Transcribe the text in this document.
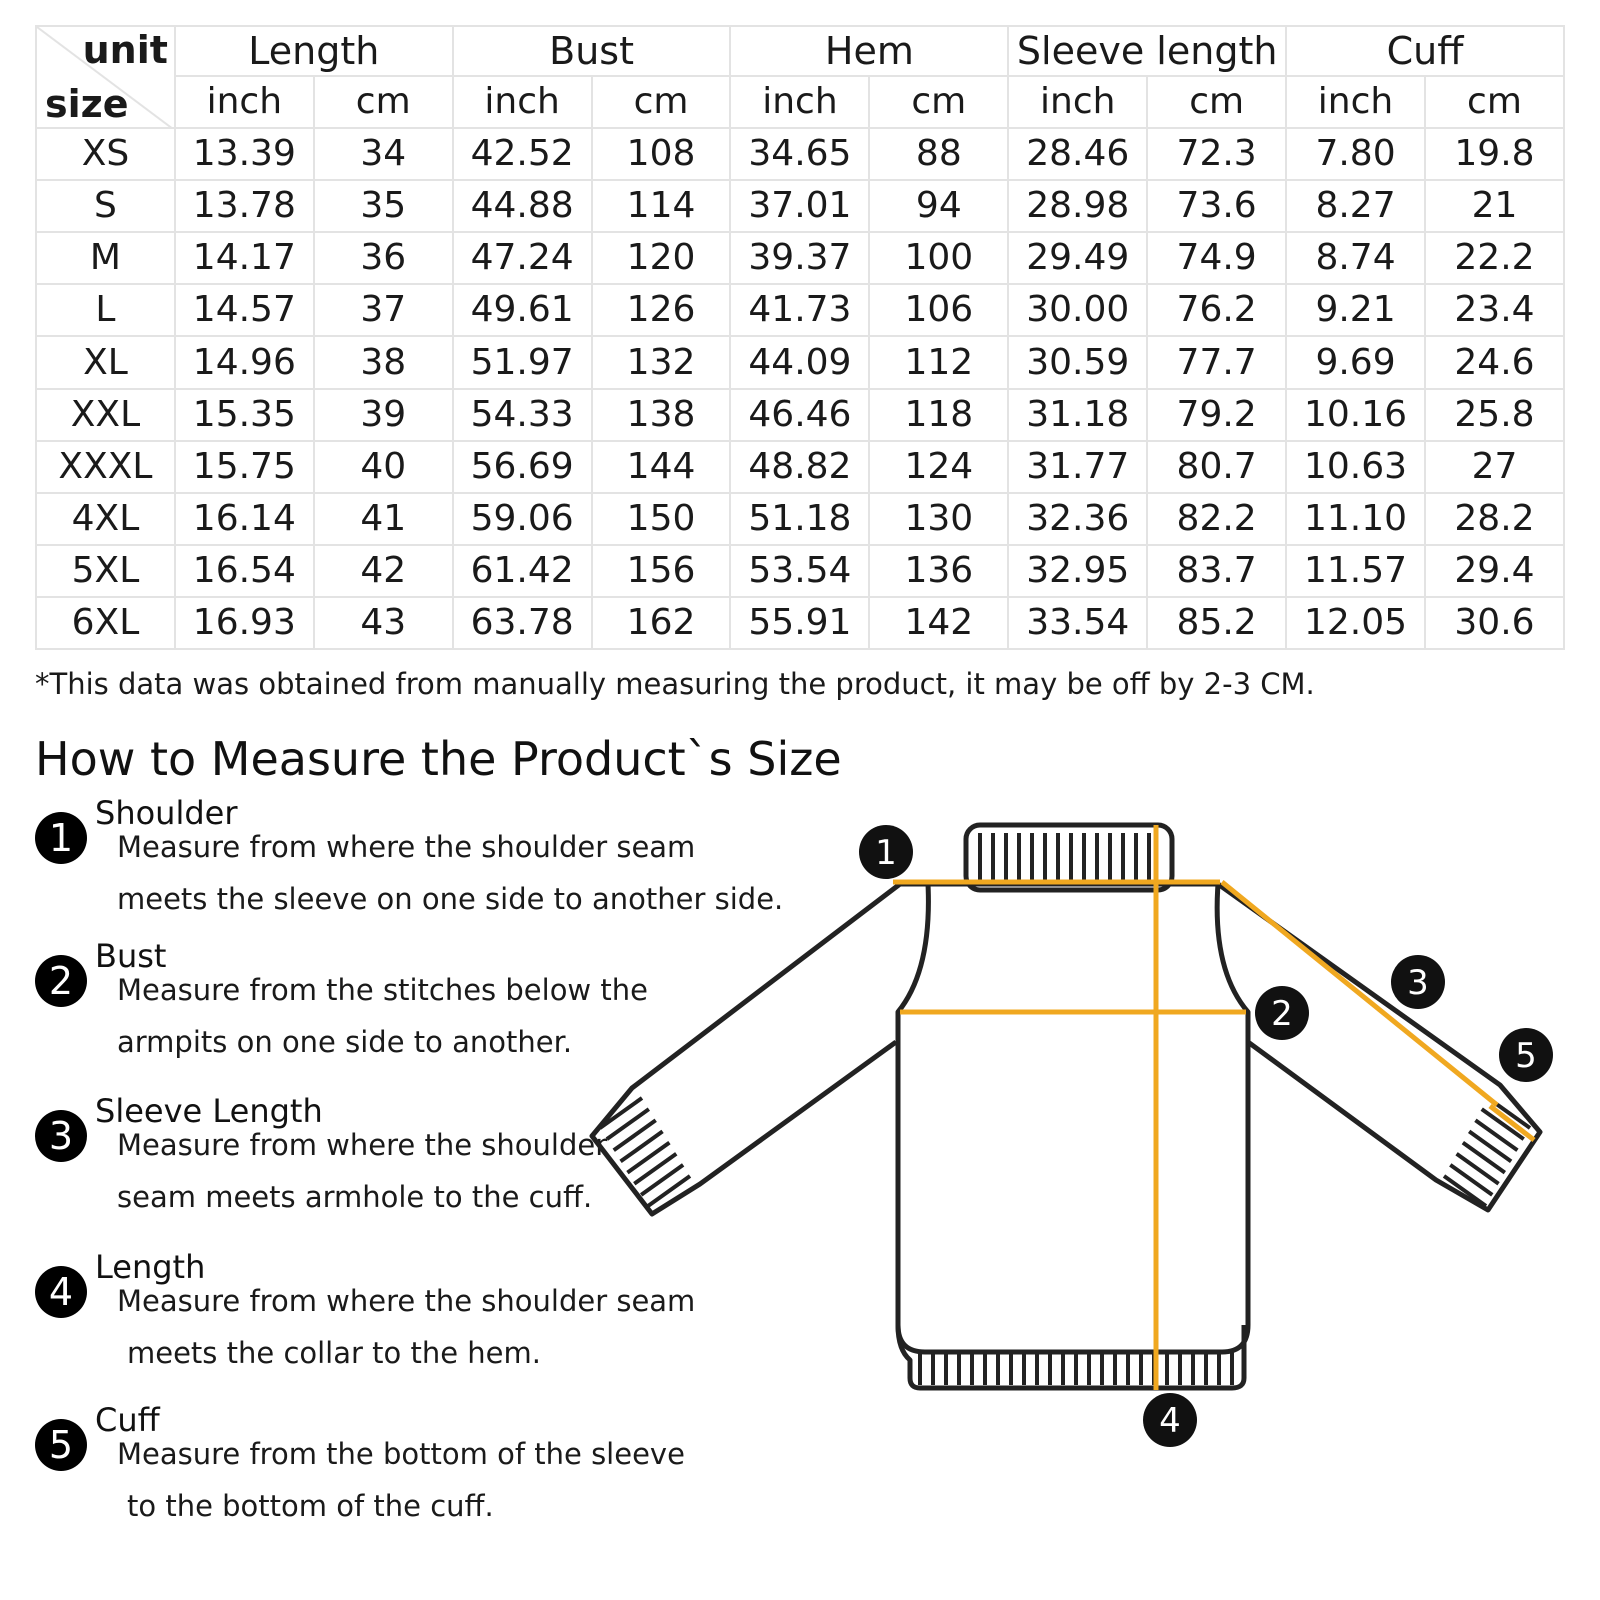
unit
size	Length		Bust		Hem		Sleeve length		Cuff	
	inch	cm	inch	cm	inch	cm	inch	cm	inch	cm
XS	13.39	34	42.52	108	34.65	88	28.46	72.3	7.80	19.8
S	13.78	35	44.88	114	37.01	94	28.98	73.6	8.27	21
M	14.17	36	47.24	120	39.37	100	29.49	74.9	8.74	22.2
L	14.57	37	49.61	126	41.73	106	30.00	76.2	9.21	23.4
XL	14.96	38	51.97	132	44.09	112	30.59	77.7	9.69	24.6
XXL	15.35	39	54.33	138	46.46	118	31.18	79.2	10.16	25.8
XXXL	15.75	40	56.69	144	48.82	124	31.77	80.7	10.63	27
4XL	16.14	41	59.06	150	51.18	130	32.36	82.2	11.10	28.2
5XL	16.54	42	61.42	156	53.54	136	32.95	83.7	11.57	29.4
6XL	16.93	43	63.78	162	55.91	142	33.54	85.2	12.05	30.6
*This data was obtained from manually measuring the product, it may be off by 2-3 CM.
How to Measure the Product`s Size
1
Shoulder
Measure from where the shoulder seam
meets the sleeve on one side to another side.
2
Bust
Measure from the stitches below the
armpits on one side to another.
3
Sleeve Length
Measure from where the shoulder
seam meets armhole to the cuff.
4
Length
Measure from where the shoulder seam
meets the collar to the hem.
5
Cuff
Measure from the bottom of the sleeve
to the bottom of the cuff.
1
2
3
4
5
